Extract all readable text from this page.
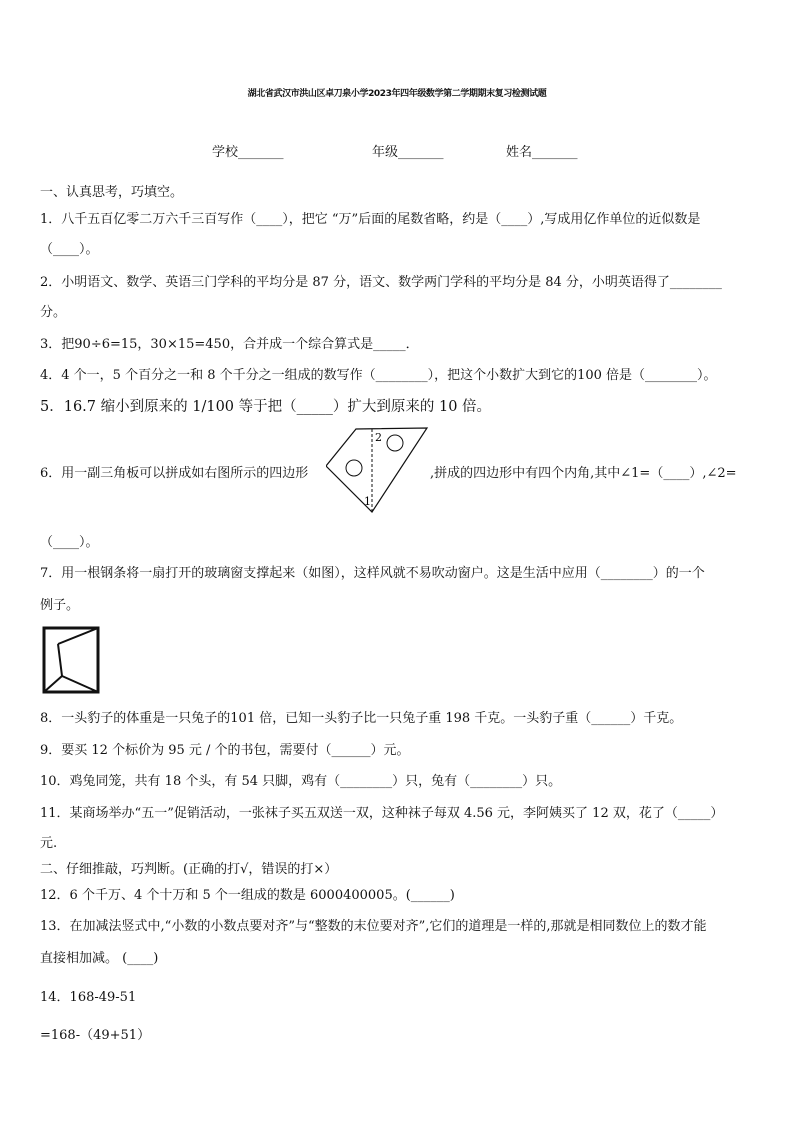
湖北省武汉市洪山区卓刀泉小学2023年四年级数学第二学期期末复习检测试题
学校_______	年级_______	姓名_______
一、认真思考，巧填空。
1．八千五百亿零二万六千三百写作（____），把它 “万”后面的尾数省略，约是（____）,写成用亿作单位的近似数是
（____）。
2．小明语文、数学、英语三门学科的平均分是 87 分，语文、数学两门学科的平均分是 84 分，小明英语得了________
分。
3．把90÷6=15，30×15=450，合并成一个综合算式是_____．
4．4 个一，5 个百分之一和 8 个千分之一组成的数写作（________），把这个小数扩大到它的100 倍是（________）。
5．16.7 缩小到原来的 1/100 等于把（_____）扩大到原来的 10 倍。
6．用一副三角板可以拼成如右图所示的四边形	,拼成的四边形中有四个内角,其中∠1=（____）,∠2=
2
1
（____）。
7．用一根钢条将一扇打开的玻璃窗支撑起来（如图），这样风就不易吹动窗户。这是生活中应用（________）的一个
例子。
8．一头豹子的体重是一只兔子的101 倍，已知一头豹子比一只兔子重 198 千克。一头豹子重（______）千克。
9．要买 12 个标价为 95 元 / 个的书包，需要付（______）元。
10．鸡兔同笼，共有 18 个头，有 54 只脚，鸡有（________）只，兔有（________）只。
11．某商场举办“五一”促销活动，一张袜子买五双送一双，这种袜子每双 4.56 元，李阿姨买了 12 双，花了（_____）
元.
二、仔细推敲，巧判断。(正确的打√，错误的打×）
12．6 个千万、4 个十万和 5 个一组成的数是 6000400005。(______)
13．在加减法竖式中,“小数的小数点要对齐”与“整数的末位要对齐”,它们的道理是一样的,那就是相同数位上的数才能
直接相加减。 (____)
14．168-49-51
=168-（49+51）
